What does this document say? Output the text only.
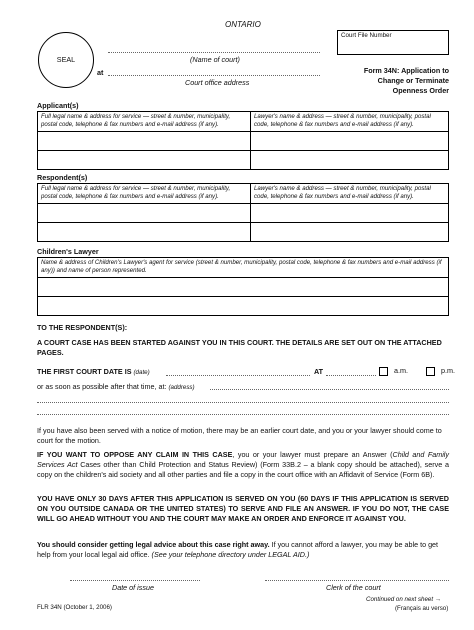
ONTARIO
SEAL	(Name of court)
at
Court office address
Court File Number
Form 34N: Application to
Change or Terminate
Openness Order
Applicant(s)
Full legal name & address for service — street & number, municipality, postal code, telephone & fax numbers and e-mail address (if any).	Lawyer's name & address — street & number, municipality, postal code, telephone & fax numbers and e-mail address (if any).

Respondent(s)
Full legal name & address for service — street & number, municipality, postal code, telephone & fax numbers and e-mail address (if any).	Lawyer's name & address — street & number, municipality, postal code, telephone & fax numbers and e-mail address (if any).

Children's Lawyer
Name & address of Children's Lawyer's agent for service (street & number, municipality, postal code, telephone & fax numbers and e-mail address (if any)) and name of person represented.

TO THE RESPONDENT(S):
A COURT CASE HAS BEEN STARTED AGAINST YOU IN THIS COURT. THE DETAILS ARE SET OUT ON THE ATTACHED PAGES.
THE FIRST COURT DATE IS (date)	AT	a.m.	p.m.
or as soon as possible after that time, at: (address)
If you have also been served with a notice of motion, there may be an earlier court date, and you or your lawyer should come to court for the motion.

IF YOU WANT TO OPPOSE ANY CLAIM IN THIS CASE, you or your lawyer must prepare an Answer (Child and Family Services Act Cases other than Child Protection and Status Review) (Form 33B.2 – a blank copy should be attached), serve a copy on the children's aid society and all other parties and file a copy in the court office with an Affidavit of Service (Form 6B).

YOU HAVE ONLY 30 DAYS AFTER THIS APPLICATION IS SERVED ON YOU (60 DAYS IF THIS APPLICATION IS SERVED ON YOU OUTSIDE CANADA OR THE UNITED STATES) TO SERVE AND FILE AN ANSWER. IF YOU DO NOT, THE CASE WILL GO AHEAD WITHOUT YOU AND THE COURT MAY MAKE AN ORDER AND ENFORCE IT AGAINST YOU.

You should consider getting legal advice about this case right away. If you cannot afford a lawyer, you may be able to get help from your local legal aid office. (See your telephone directory under LEGAL AID.)

Date of issue	Clerk of the court
FLR 34N (October 1, 2006)
Continued on next sheet →
(Français au verso)
